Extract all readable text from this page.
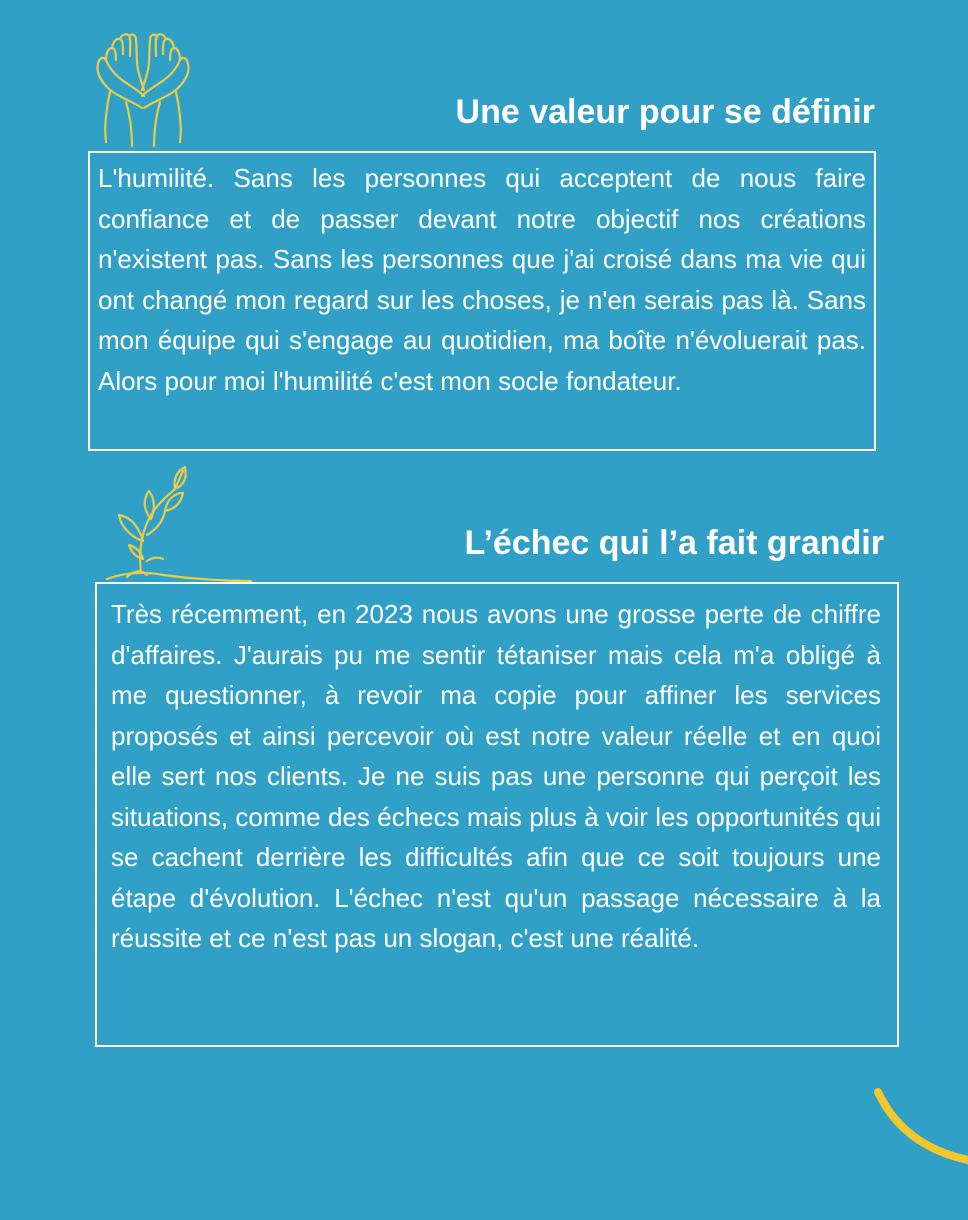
Une valeur pour se définir
L'humilité. Sans les personnes qui acceptent de nous faire confiance et de passer devant notre objectif nos créations n'existent pas. Sans les personnes que j'ai croisé dans ma vie qui ont changé mon regard sur les choses, je n'en serais pas là. Sans mon équipe qui s'engage au quotidien, ma boîte n'évoluerait pas. Alors pour moi l'humilité c'est mon socle fondateur.
L’échec qui l’a fait grandir
Très récemment, en 2023 nous avons une grosse perte de chiffre d'affaires. J'aurais pu me sentir tétaniser mais cela m'a obligé à me questionner, à revoir ma copie pour affiner les services proposés et ainsi percevoir où est notre valeur réelle et en quoi elle sert nos clients. Je ne suis pas une personne qui perçoit les situations, comme des échecs mais plus à voir les opportunités qui se cachent derrière les difficultés afin que ce soit toujours une étape d'évolution. L'échec n'est qu'un passage nécessaire à la réussite et ce n'est pas un slogan, c'est une réalité.
